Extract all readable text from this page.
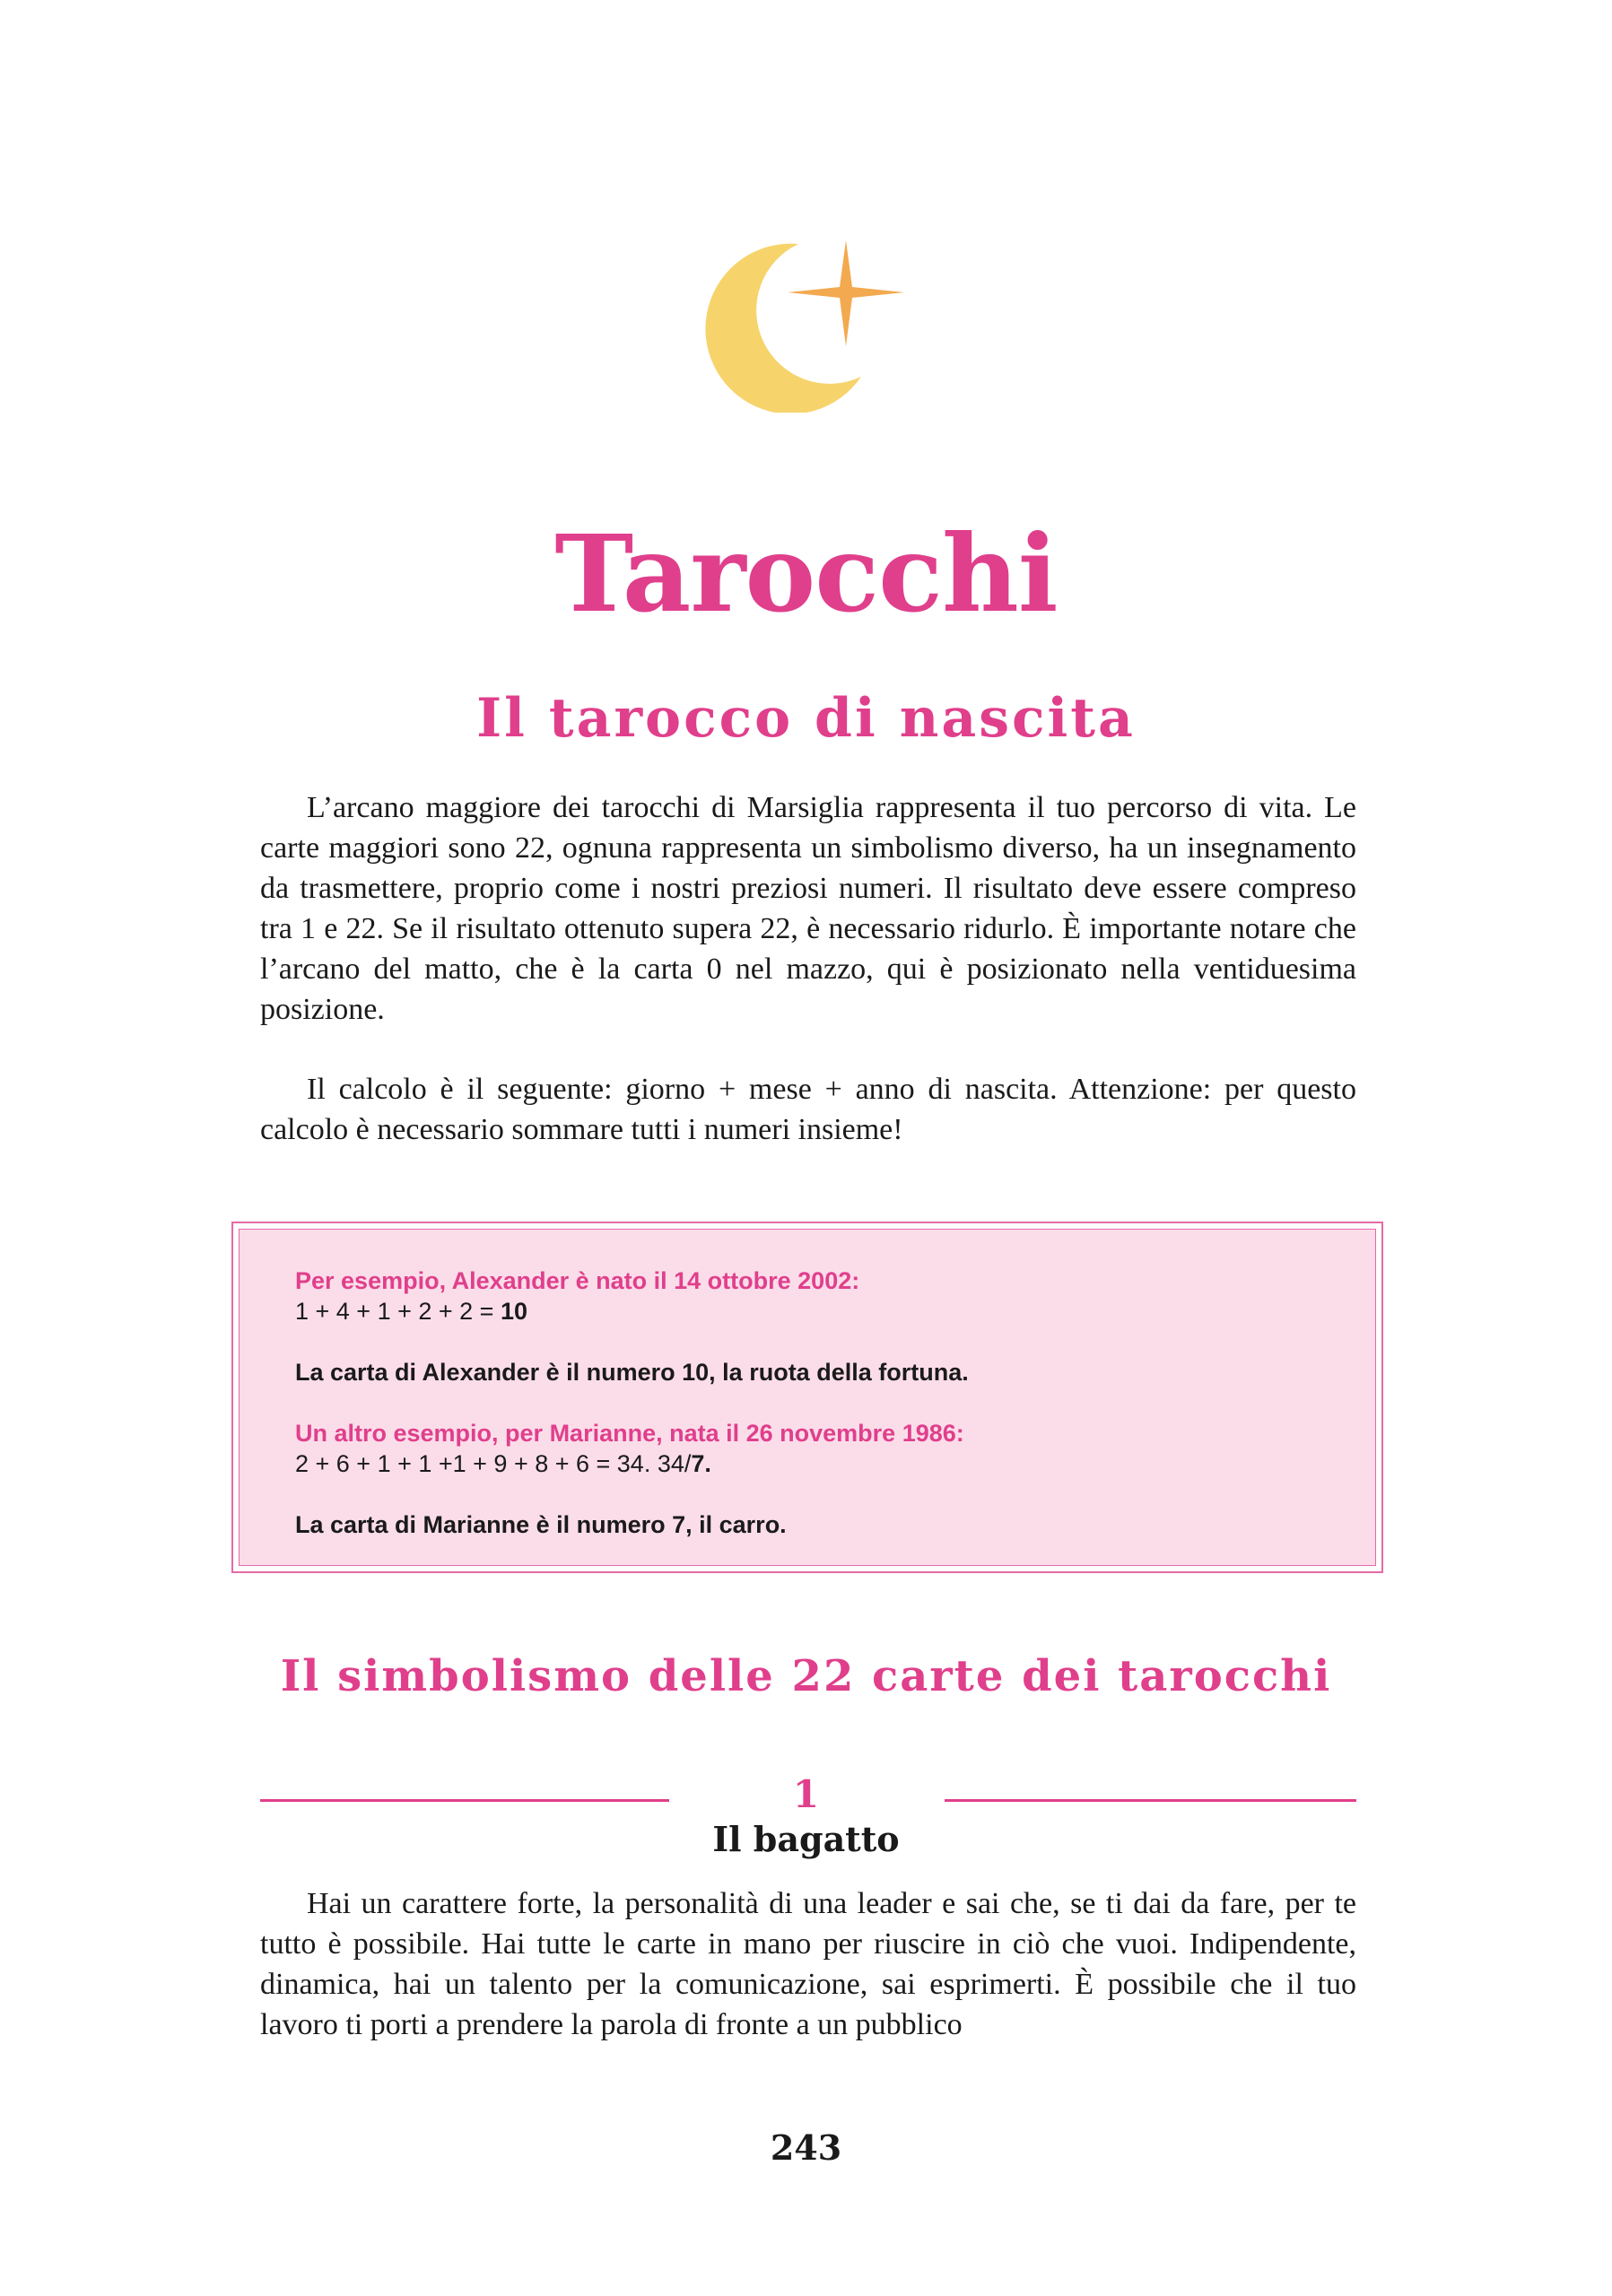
Tarocchi
Il tarocco di nascita

L’arcano maggiore dei tarocchi di Marsiglia rappresenta il tuo percorso di vita. Le carte maggiori sono 22, ognuna rappresenta un simbolismo diverso, ha un insegnamento da trasmettere, proprio come i nostri preziosi numeri. Il risultato deve essere compreso tra 1 e 22. Se il risultato ottenuto supera 22, è necessario ridurlo. È importante notare che l’arcano del matto, che è la carta 0 nel mazzo, qui è posizionato nella ventiduesima posizione.

Il calcolo è il seguente: giorno + mese + anno di nascita. Attenzione: per questo calcolo è necessario sommare tutti i numeri insieme!

Per esempio, Alexander è nato il 14 ottobre 2002:

1 + 4 + 1 + 2 + 2 = 10

La carta di Alexander è il numero 10, la ruota della fortuna.

Un altro esempio, per Marianne, nata il 26 novembre 1986:

2 + 6 + 1 + 1 +1 + 9 + 8 + 6 = 34. 34/7.

La carta di Marianne è il numero 7, il carro.

Il simbolismo delle 22 carte dei tarocchi
1
Il bagatto

Hai un carattere forte, la personalità di una leader e sai che, se ti dai da fare, per te tutto è possibile. Hai tutte le carte in mano per riuscire in ciò che vuoi. Indipendente, dinamica, hai un talento per la comunicazione, sai esprimerti. È possibile che il tuo lavoro ti porti a prendere la parola di fronte a un pubblico

243
